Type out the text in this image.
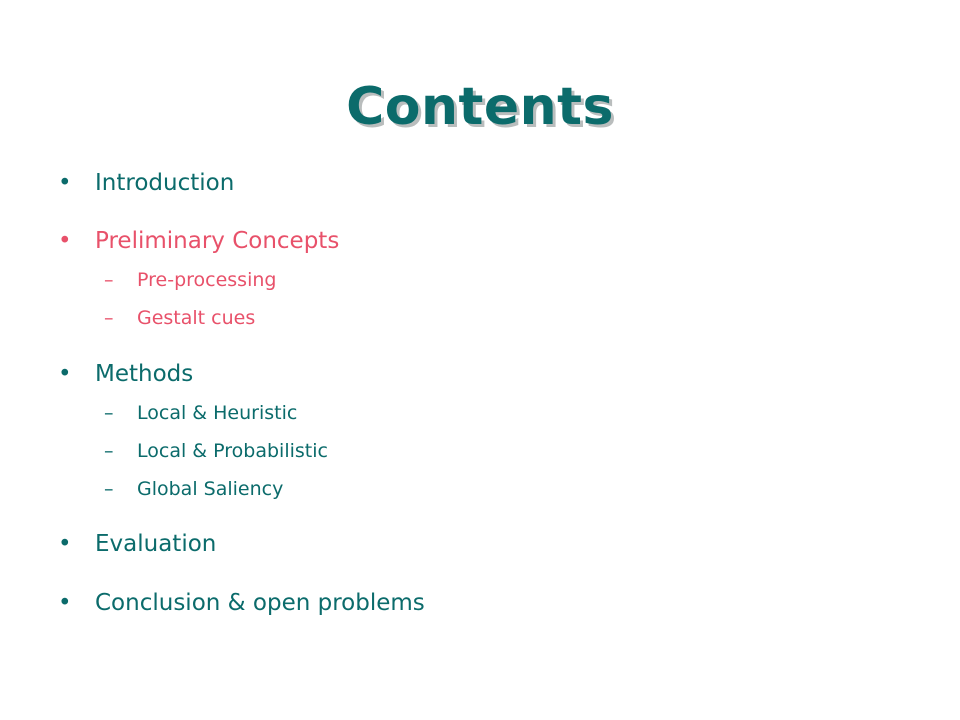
Contents
• Introduction
• Preliminary Concepts
– Pre-processing
– Gestalt cues
• Methods
– Local & Heuristic
– Local & Probabilistic
– Global Saliency
• Evaluation
• Conclusion & open problems
